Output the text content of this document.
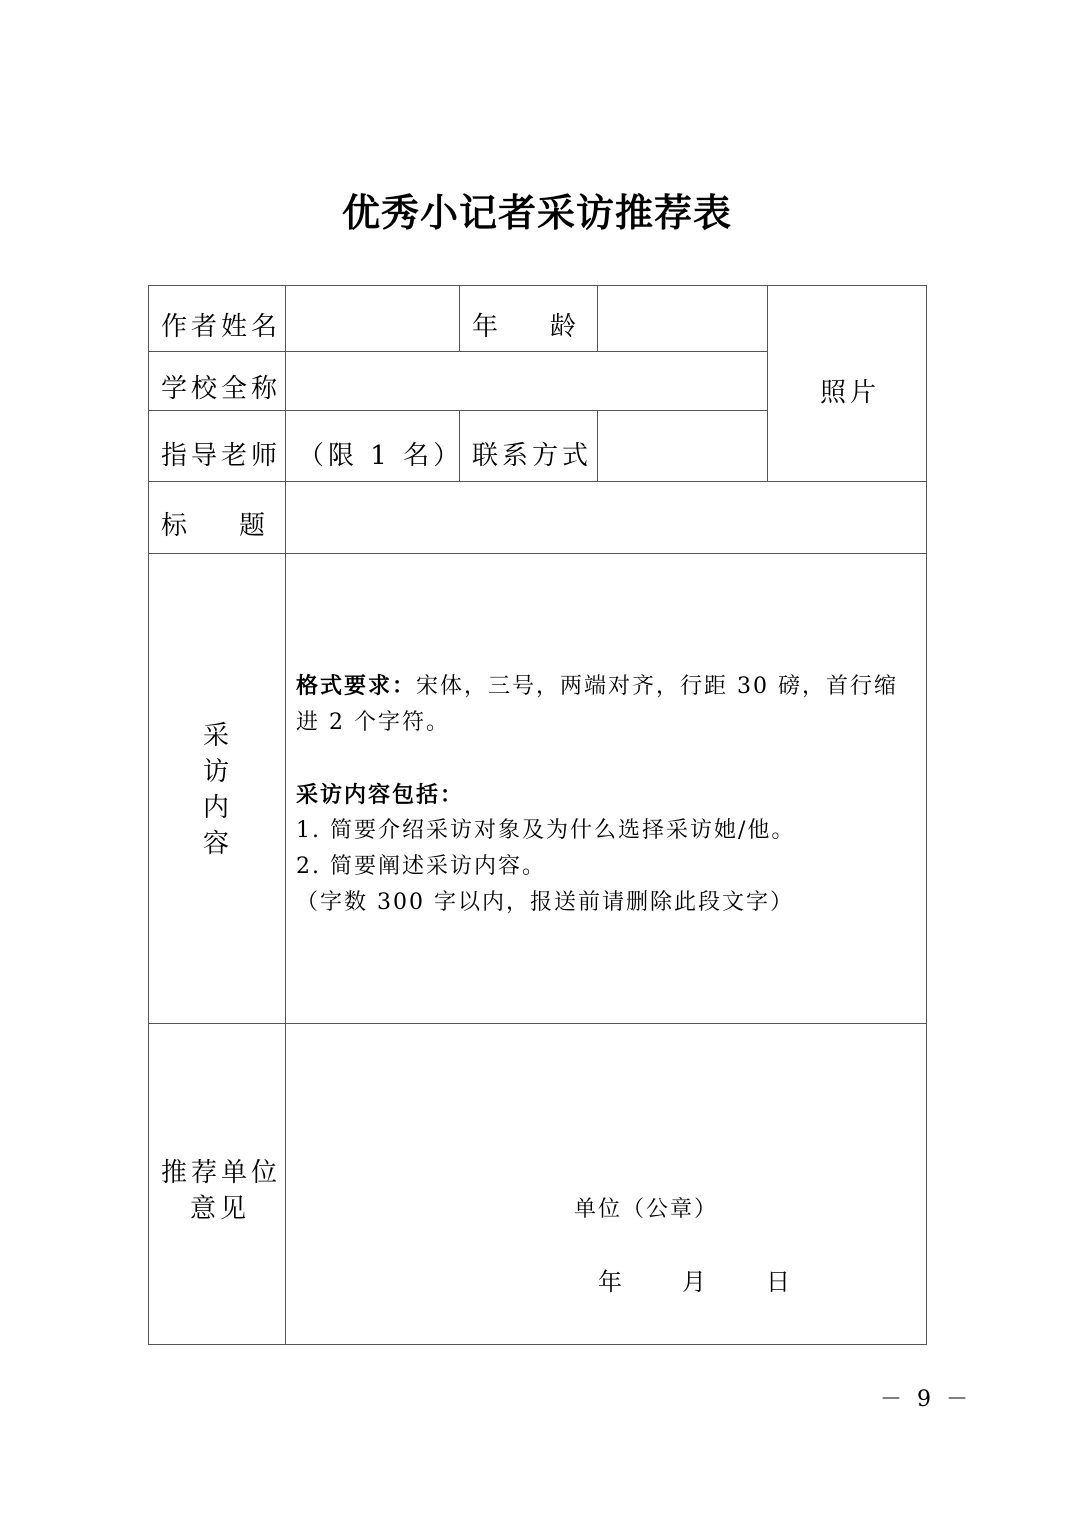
优秀小记者采访推荐表
作者姓名	年　　龄
照片
学校全称
指导老师 （限 1 名） 联系方式
标　　题
采
访
内
容

格式要求：宋体，三号，两端对齐，行距 30 磅，首行缩进 2 个字符。

采访内容包括：

1. 简要介绍采访对象及为什么选择采访她/他。

2. 简要阐述采访内容。

（字数 300 字以内，报送前请删除此段文字）

推荐单位
意见	单位（公章）
年　　月　　日
－ 9 －
